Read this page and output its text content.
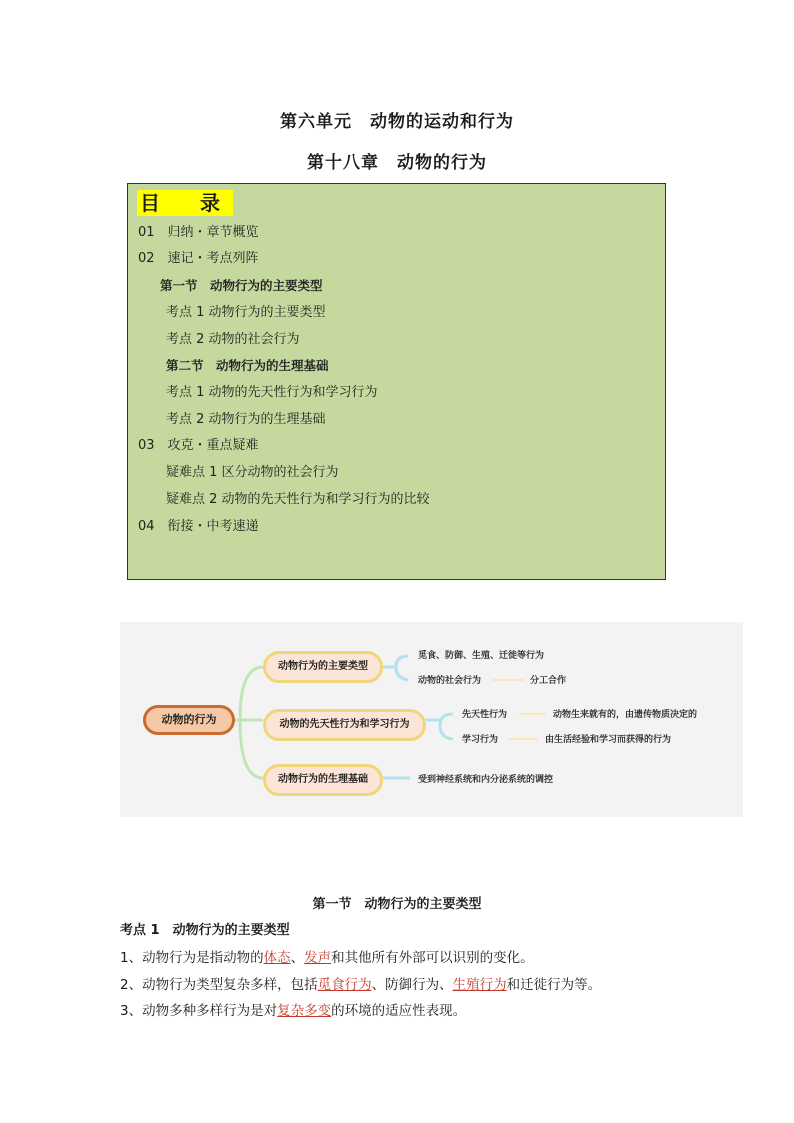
第六单元　动物的运动和行为
第十八章　动物的行为
目　录
01　归纳・章节概览
02　速记・考点列阵
第一节　动物行为的主要类型
考点 1 动物行为的主要类型
考点 2 动物的社会行为
第二节　动物行为的生理基础
考点 1 动物的先天性行为和学习行为
考点 2 动物行为的生理基础
03　攻克・重点疑难
疑难点 1 区分动物的社会行为
疑难点 2 动物的先天性行为和学习行为的比较
04　衔接・中考速递
动物的行为
动物行为的主要类型
动物的先天性行为和学习行为
动物行为的生理基础
觅食、防御、生殖、迁徙等行为
动物的社会行为	分工合作
先天性行为	动物生来就有的，由遗传物质决定的
学习行为	由生活经验和学习而获得的行为
受到神经系统和内分泌系统的调控
第一节　动物行为的主要类型
考点 1　动物行为的主要类型
1、动物行为是指动物的体态、发声和其他所有外部可以识别的变化。
2、动物行为类型复杂多样，包括觅食行为、防御行为、生殖行为和迁徙行为等。
3、动物多种多样行为是对复杂多变的环境的适应性表现。
